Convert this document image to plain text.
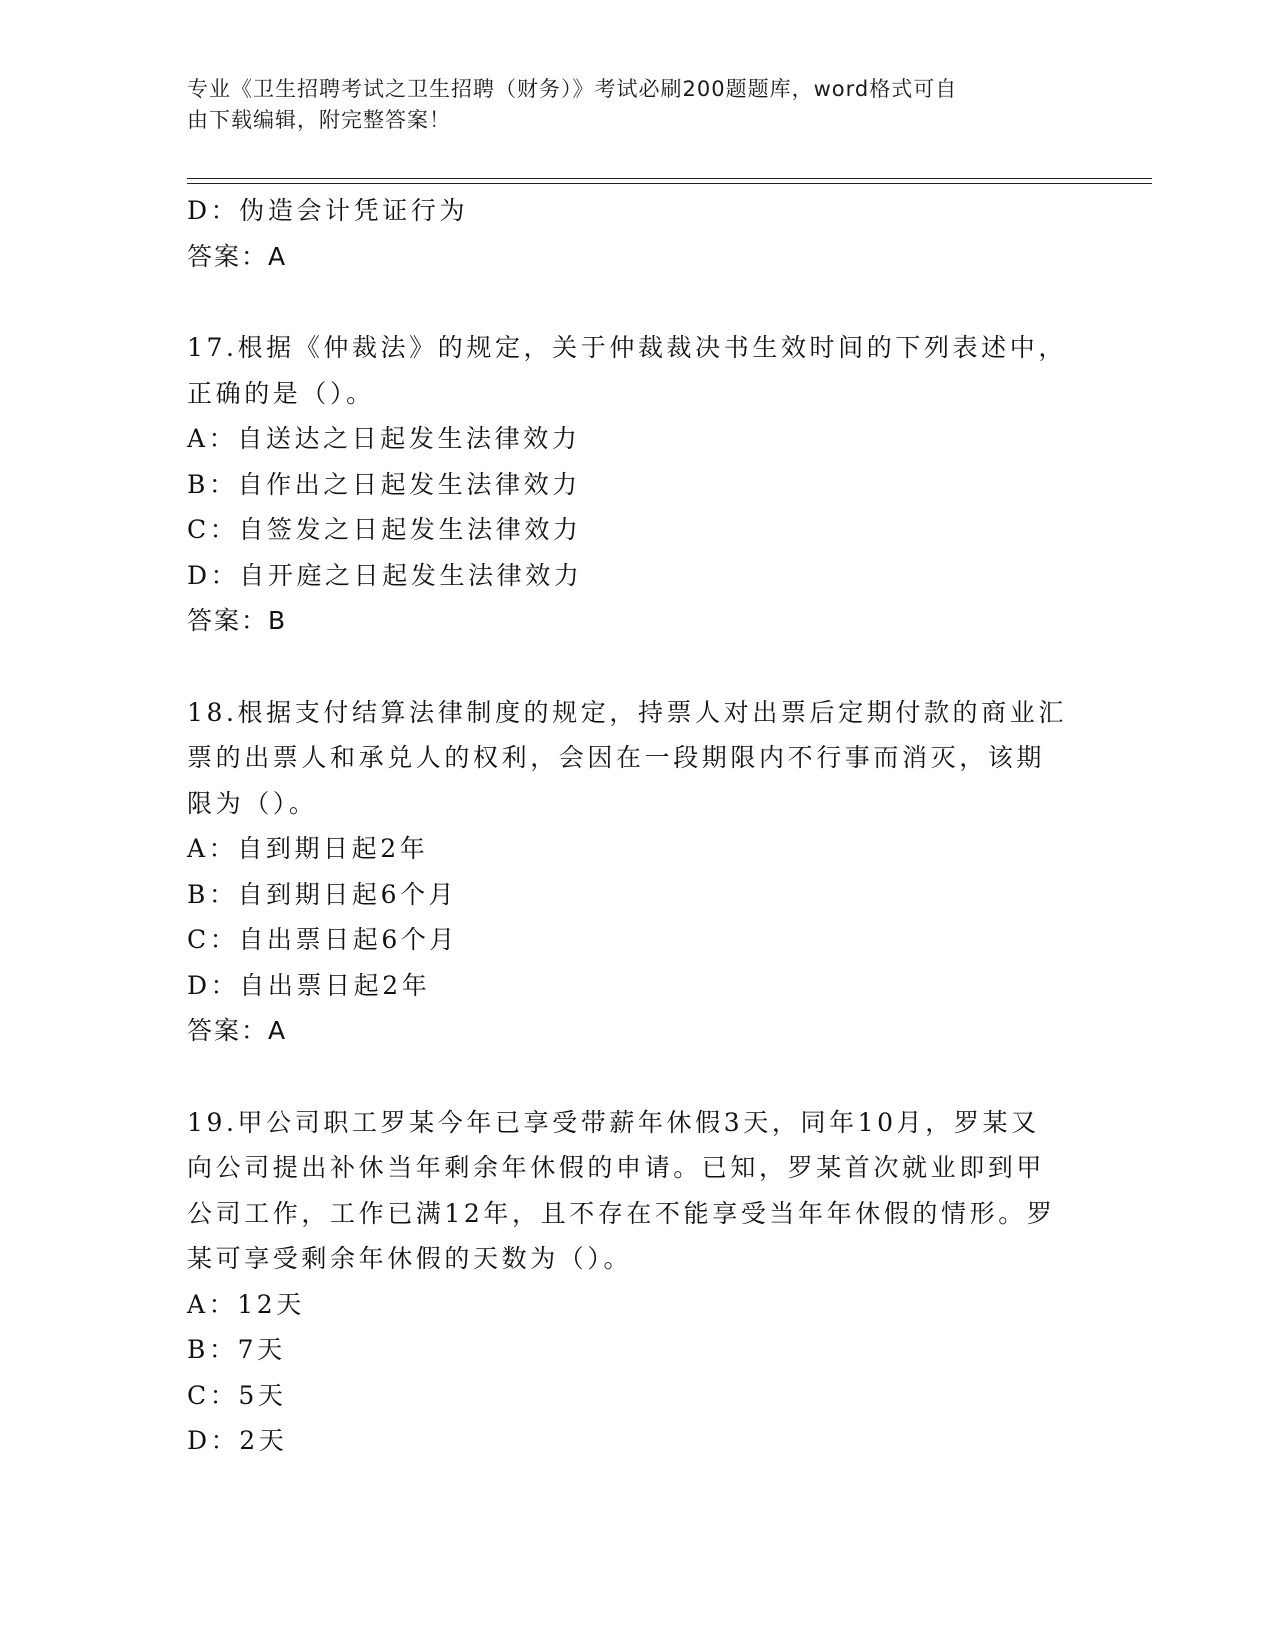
专业《卫生招聘考试之卫生招聘（财务）》考试必刷200题题库，word格式可自
由下载编辑，附完整答案！
D：伪造会计凭证行为
答案：A
17.根据《仲裁法》的规定，关于仲裁裁决书生效时间的下列表述中，
正确的是（）。
A：自送达之日起发生法律效力
B：自作出之日起发生法律效力
C：自签发之日起发生法律效力
D：自开庭之日起发生法律效力
答案：B
18.根据支付结算法律制度的规定，持票人对出票后定期付款的商业汇
票的出票人和承兑人的权利，会因在一段期限内不行事而消灭，该期
限为（）。
A：自到期日起2年
B：自到期日起6个月
C：自出票日起6个月
D：自出票日起2年
答案：A
19.甲公司职工罗某今年已享受带薪年休假3天，同年10月，罗某又
向公司提出补休当年剩余年休假的申请。已知，罗某首次就业即到甲
公司工作，工作已满12年，且不存在不能享受当年年休假的情形。罗
某可享受剩余年休假的天数为（）。
A：12天
B：7天
C：5天
D：2天
